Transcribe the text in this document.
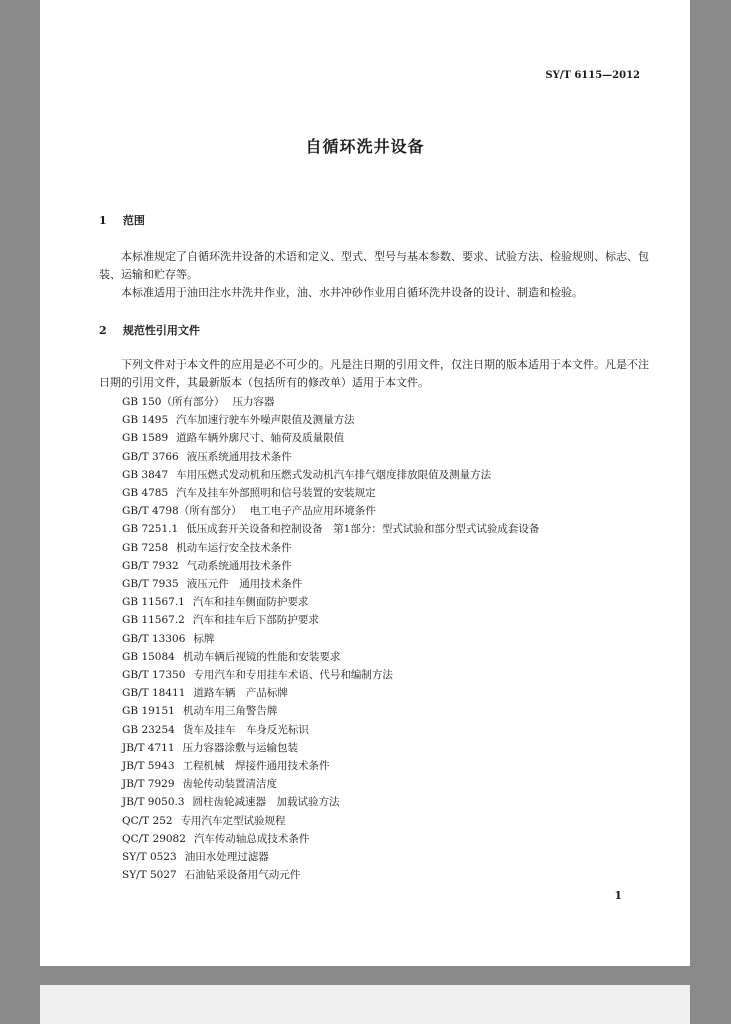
SY/T 6115—2012
自循环洗井设备
1 范围
本标准规定了自循环洗井设备的术语和定义、型式、型号与基本参数、要求、试验方法、检验规则、标志、包装、运输和贮存等。
本标准适用于油田注水井洗井作业，油、水井冲砂作业用自循环洗井设备的设计、制造和检验。
2 规范性引用文件
下列文件对于本文件的应用是必不可少的。凡是注日期的引用文件，仅注日期的版本适用于本文件。凡是不注日期的引用文件，其最新版本（包括所有的修改单）适用于本文件。
GB 150（所有部分） 压力容器
GB 1495 汽车加速行驶车外噪声限值及测量方法
GB 1589 道路车辆外廓尺寸、轴荷及质量限值
GB/T 3766 液压系统通用技术条件
GB 3847 车用压燃式发动机和压燃式发动机汽车排气烟度排放限值及测量方法
GB 4785 汽车及挂车外部照明和信号装置的安装规定
GB/T 4798（所有部分） 电工电子产品应用环境条件
GB 7251.1 低压成套开关设备和控制设备　第1部分：型式试验和部分型式试验成套设备
GB 7258 机动车运行安全技术条件
GB/T 7932 气动系统通用技术条件
GB/T 7935 液压元件　通用技术条件
GB 11567.1 汽车和挂车侧面防护要求
GB 11567.2 汽车和挂车后下部防护要求
GB/T 13306 标牌
GB 15084 机动车辆后视镜的性能和安装要求
GB/T 17350 专用汽车和专用挂车术语、代号和编制方法
GB/T 18411 道路车辆　产品标牌
GB 19151 机动车用三角警告牌
GB 23254 货车及挂车　车身反光标识
JB/T 4711 压力容器涂敷与运输包装
JB/T 5943 工程机械　焊接件通用技术条件
JB/T 7929 齿轮传动装置清洁度
JB/T 9050.3 圆柱齿轮减速器　加载试验方法
QC/T 252 专用汽车定型试验规程
QC/T 29082 汽车传动轴总成技术条件
SY/T 0523 油田水处理过滤器
SY/T 5027 石油钻采设备用气动元件
1
